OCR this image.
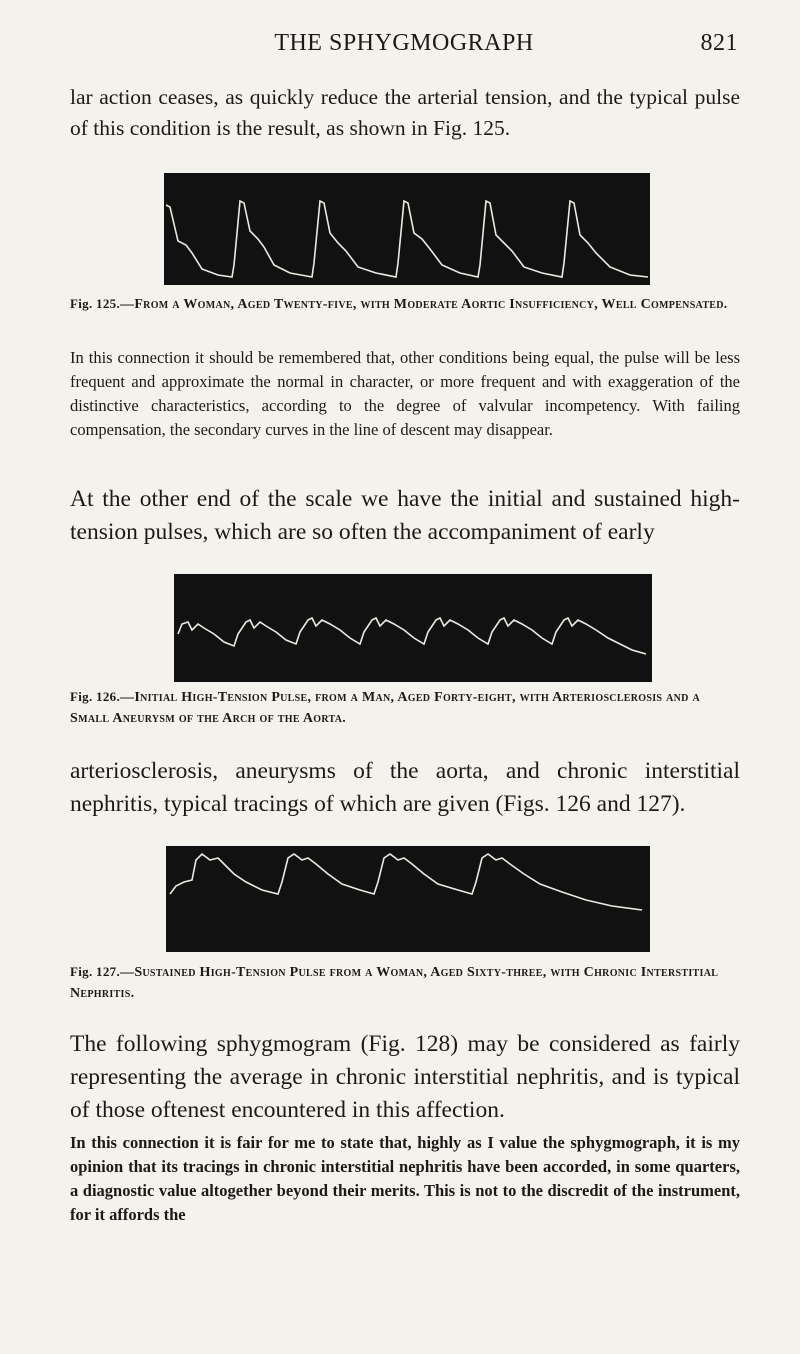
THE SPHYGMOGRAPH	821

lar action ceases, as quickly reduce the arterial tension, and the typical pulse of this condition is the result, as shown in Fig. 125.

Fig. 125.—From a Woman, Aged Twenty-five, with Moderate Aortic Insufficiency, Well Compensated.

In this connection it should be remembered that, other conditions being equal, the pulse will be less frequent and approximate the normal in character, or more frequent and with exaggeration of the distinctive characteristics, according to the degree of valvular incompetency. With failing compensation, the secondary curves in the line of descent may disappear.

At the other end of the scale we have the initial and sustained high-tension pulses, which are so often the accompaniment of early

Fig. 126.—Initial High-Tension Pulse, from a Man, Aged Forty-eight, with Arteriosclerosis and a Small Aneurysm of the Arch of the Aorta.

arteriosclerosis, aneurysms of the aorta, and chronic interstitial nephritis, typical tracings of which are given (Figs. 126 and 127).

Fig. 127.—Sustained High-Tension Pulse from a Woman, Aged Sixty-three, with Chronic Interstitial Nephritis.

The following sphygmogram (Fig. 128) may be considered as fairly representing the average in chronic interstitial nephritis, and is typical of those oftenest encountered in this affection.

In this connection it is fair for me to state that, highly as I value the sphygmograph, it is my opinion that its tracings in chronic interstitial nephritis have been accorded, in some quarters, a diagnostic value altogether beyond their merits. This is not to the discredit of the instrument, for it affords the
